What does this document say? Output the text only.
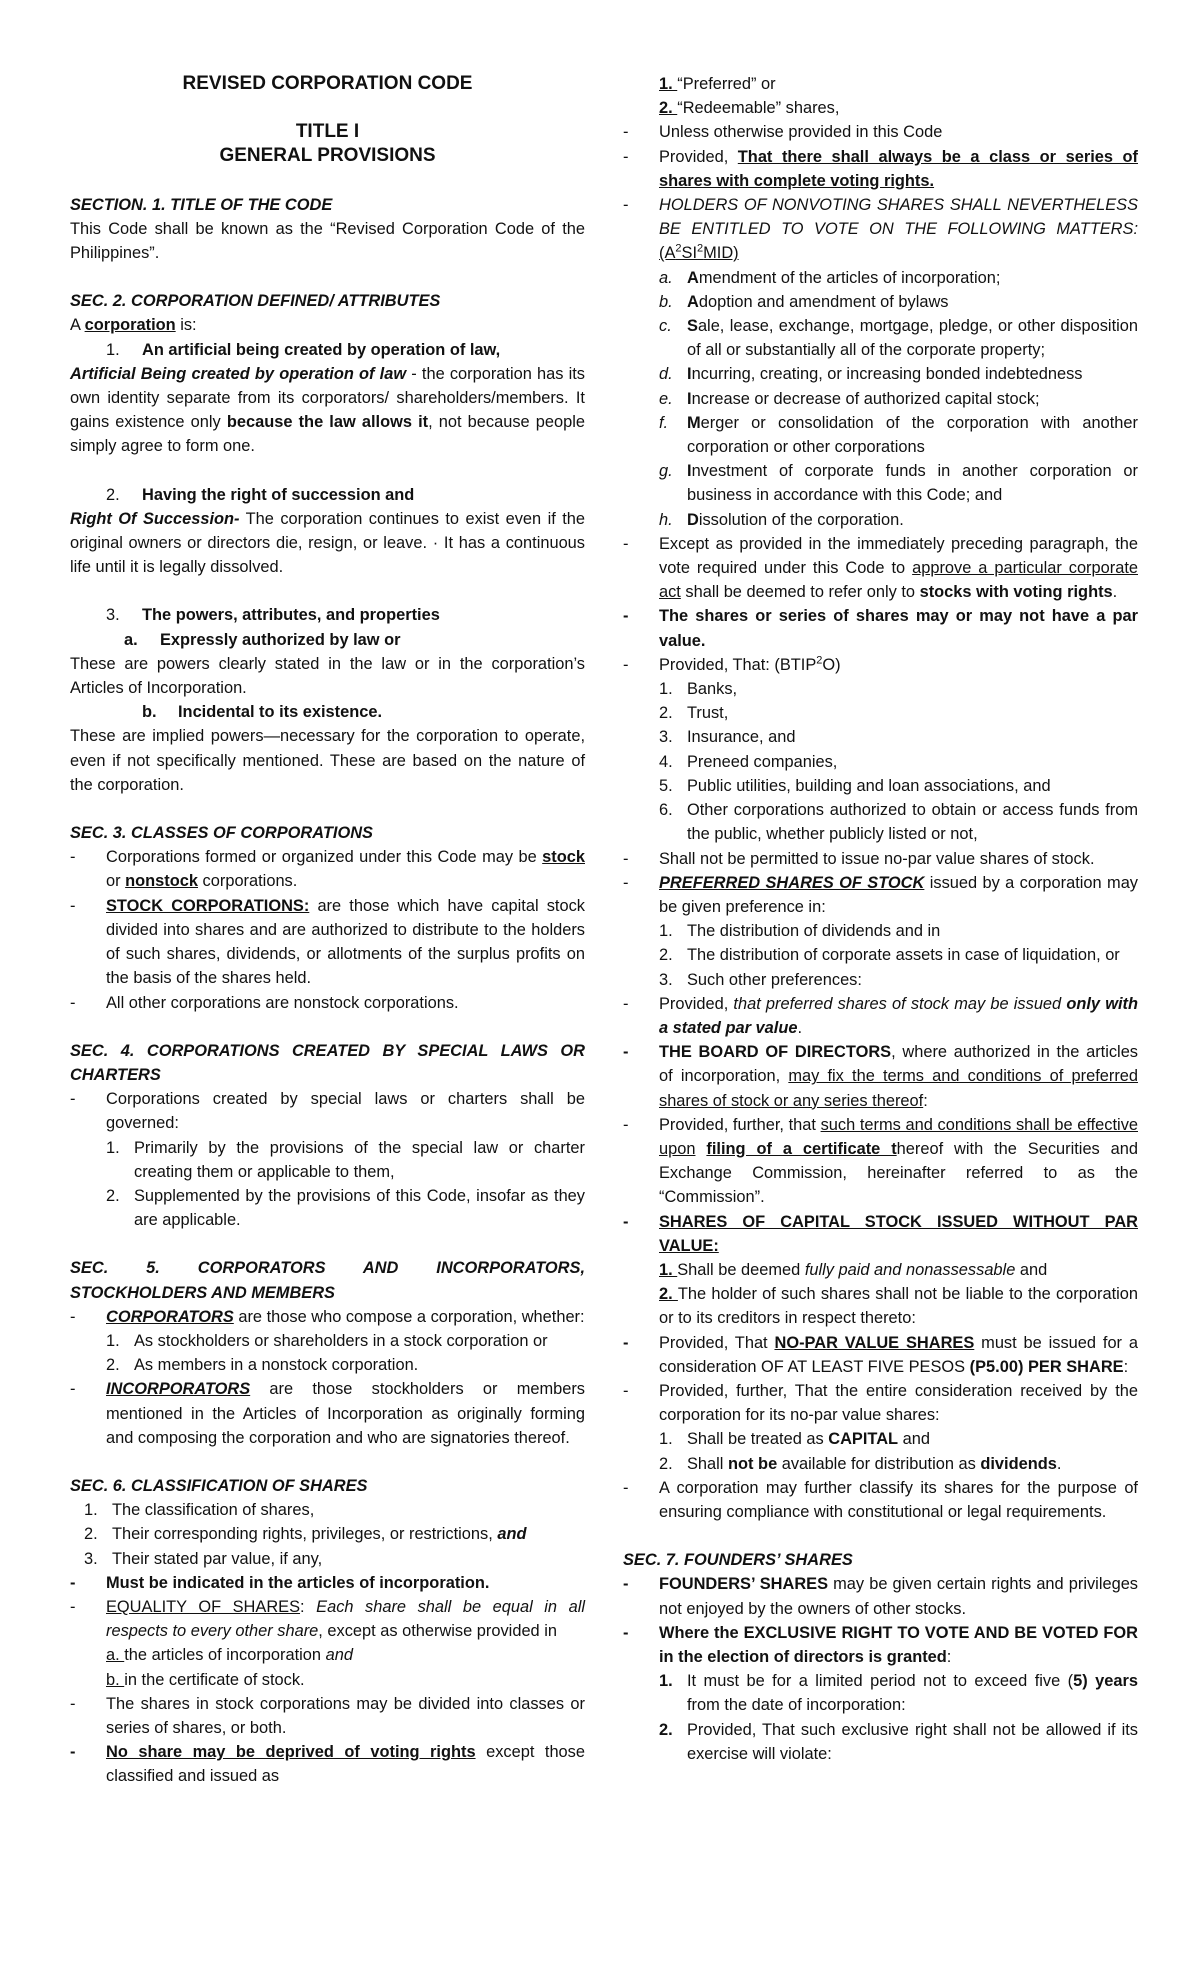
REVISED CORPORATION CODE

TITLE I

GENERAL PROVISIONS

SECTION. 1. TITLE OF THE CODE

This Code shall be known as the “Revised Corporation Code of the Philippines”.

SEC. 2. CORPORATION DEFINED/ ATTRIBUTES

A corporation is:

1.	An artificial being created by operation of law,

Artificial Being created by operation of law - the corporation has its own identity separate from its corporators/ shareholders/members. It gains existence only because the law allows it, not because people simply agree to form one.

2.	Having the right of succession and

Right Of Succession- The corporation continues to exist even if the original owners or directors die, resign, or leave. · It has a continuous life until it is legally dissolved.

3.	The powers, attributes, and properties
a.	Expressly authorized by law or

These are powers clearly stated in the law or in the corporation’s Articles of Incorporation.

b.	Incidental to its existence.

These are implied powers—necessary for the corporation to operate, even if not specifically mentioned. These are based on the nature of the corporation.

SEC. 3. CLASSES OF CORPORATIONS

-	Corporations formed or organized under this Code may be stock or nonstock corporations.
-	STOCK CORPORATIONS: are those which have capital stock divided into shares and are authorized to distribute to the holders of such shares, dividends, or allotments of the surplus profits on the basis of the shares held.
-	All other corporations are nonstock corporations.

SEC. 4. CORPORATIONS CREATED BY SPECIAL LAWS OR CHARTERS

-	Corporations created by special laws or charters shall be governed:
1. Primarily by the provisions of the special law or charter creating them or applicable to them,
2. Supplemented by the provisions of this Code, insofar as they are applicable.

SEC. 5. CORPORATORS AND INCORPORATORS, STOCKHOLDERS AND MEMBERS

-	CORPORATORS are those who compose a corporation, whether:
1. As stockholders or shareholders in a stock corporation or
2. As members in a nonstock corporation.
-	INCORPORATORS are those stockholders or members mentioned in the Articles of Incorporation as originally forming and composing the corporation and who are signatories thereof.

SEC. 6. CLASSIFICATION OF SHARES

1. The classification of shares,
2. Their corresponding rights, privileges, or restrictions, and
3. Their stated par value, if any,
-	Must be indicated in the articles of incorporation.
-	EQUALITY OF SHARES: Each share shall be equal in all respects to every other share, except as otherwise provided in

a. the articles of incorporation and

b. in the certificate of stock.

-	The shares in stock corporations may be divided into classes or series of shares, or both.
-	No share may be deprived of voting rights except those classified and issued as

1. “Preferred” or

2. “Redeemable” shares,

-	Unless otherwise provided in this Code
-	Provided, That there shall always be a class or series of shares with complete voting rights.
-	HOLDERS OF NONVOTING SHARES SHALL NEVERTHELESS BE ENTITLED TO VOTE ON THE FOLLOWING MATTERS: $(A^2SI^2MID)$
a. Amendment of the articles of incorporation;
b. Adoption and amendment of bylaws
c. Sale, lease, exchange, mortgage, pledge, or other disposition of all or substantially all of the corporate property;
d. Incurring, creating, or increasing bonded indebtedness
e. Increase or decrease of authorized capital stock;
f.	Merger or consolidation of the corporation with another corporation or other corporations
g. Investment of corporate funds in another corporation or business in accordance with this Code; and
h. Dissolution of the corporation.
-	Except as provided in the immediately preceding paragraph, the vote required under this Code to approve a particular corporate act shall be deemed to refer only to stocks with voting rights.
-	The shares or series of shares may or may not have a par value.
-	Provided, That: (BTIP$^2$O)
1. Banks,
2. Trust,
3. Insurance, and
4. Preneed companies,
5. Public utilities, building and loan associations, and
6. Other corporations authorized to obtain or access funds from the public, whether publicly listed or not,
-	Shall not be permitted to issue no-par value shares of stock.
-	PREFERRED SHARES OF STOCK issued by a corporation may be given preference in:
1. The distribution of dividends and in
2. The distribution of corporate assets in case of liquidation, or
3. Such other preferences:
-	Provided, that preferred shares of stock may be issued only with a stated par value.
-	THE BOARD OF DIRECTORS, where authorized in the articles of incorporation, may fix the terms and conditions of preferred shares of stock or any series thereof:
-	Provided, further, that such terms and conditions shall be effective upon filing of a certificate thereof with the Securities and Exchange Commission, hereinafter referred to as the “Commission”.
-	SHARES OF CAPITAL STOCK ISSUED WITHOUT PAR VALUE:
1. Shall be deemed fully paid and nonassessable and
2. The holder of such shares shall not be liable to the corporation or to its creditors in respect thereto:
-	Provided, That NO-PAR VALUE SHARES must be issued for a consideration OF AT LEAST FIVE PESOS (P5.00) PER SHARE:
-	Provided, further, That the entire consideration received by the corporation for its no-par value shares:
1. Shall be treated as CAPITAL and
2. Shall not be available for distribution as dividends.
-	A corporation may further classify its shares for the purpose of ensuring compliance with constitutional or legal requirements.

SEC. 7. FOUNDERS’ SHARES

-	FOUNDERS’ SHARES may be given certain rights and privileges not enjoyed by the owners of other stocks.
-	Where the EXCLUSIVE RIGHT TO VOTE AND BE VOTED FOR in the election of directors is granted:
1. It must be for a limited period not to exceed five (5) years from the date of incorporation:
2. Provided, That such exclusive right shall not be allowed if its exercise will violate:
